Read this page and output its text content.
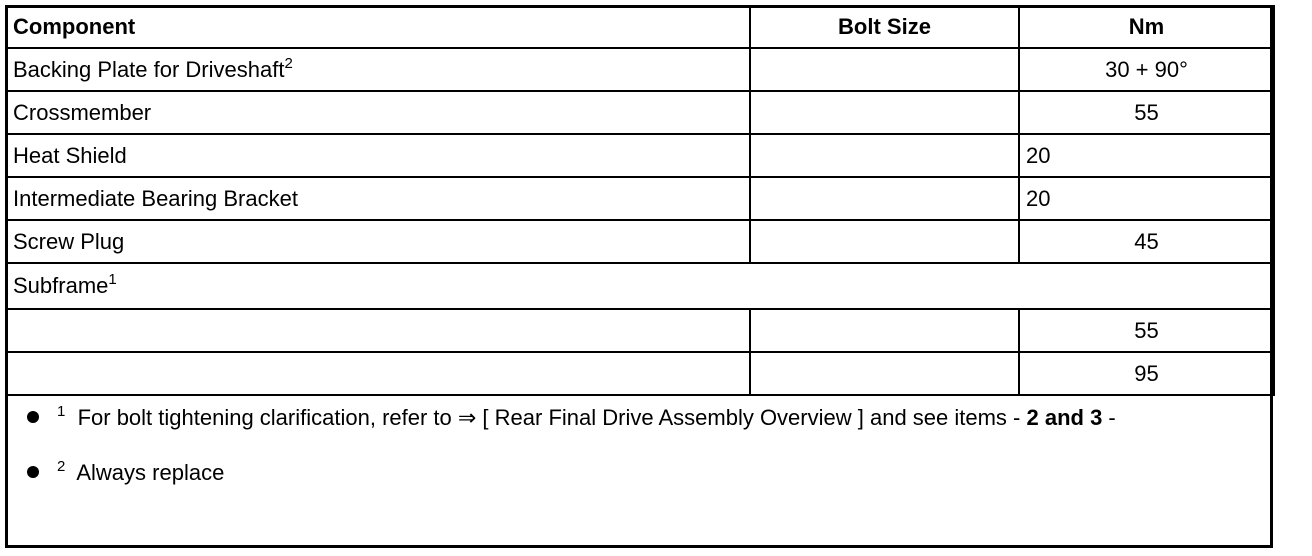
Component	Bolt Size	Nm
Backing Plate for Driveshaft$^2$		30 + 90°
Crossmember		55
Heat Shield		20
Intermediate Bearing Bracket		20
Screw Plug		45
Subframe$^1$
		55
		95
$^1$ For bolt tightening clarification, refer to ⇒ [ Rear Final Drive Assembly Overview ] and see items - 2 and 3 -
$^2$ Always replace
